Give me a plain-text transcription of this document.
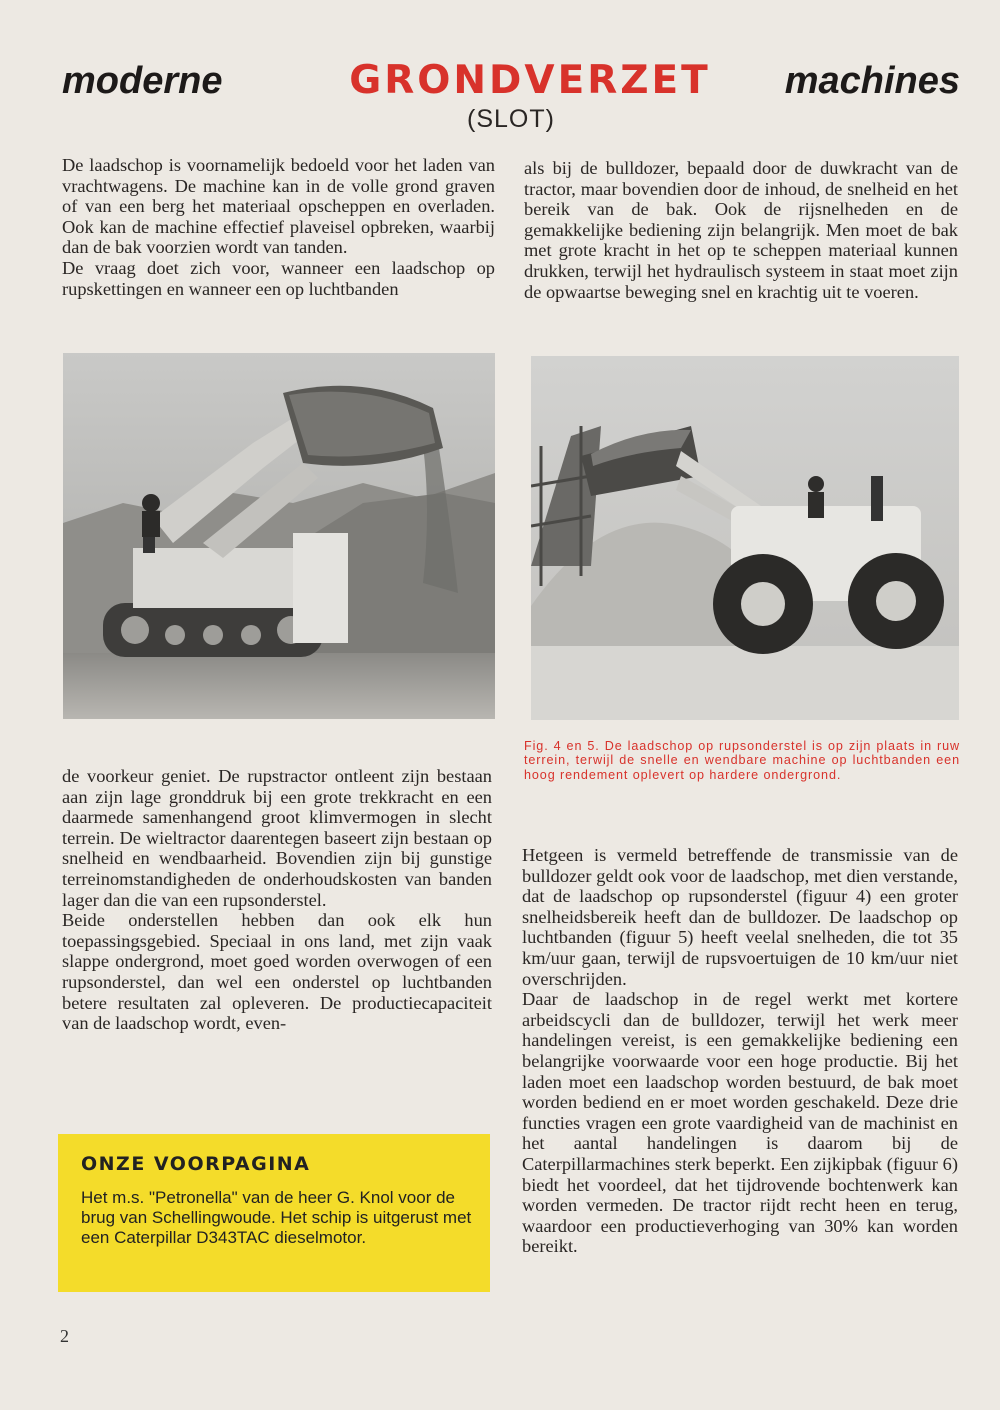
moderne	GRONDVERZET	machines
(SLOT)

De laadschop is voornamelijk bedoeld voor het laden van vrachtwagens. De machine kan in de volle grond graven of van een berg het materiaal opscheppen en overladen. Ook kan de machine effectief plaveisel opbreken, waarbij dan de bak voorzien wordt van tanden.

De vraag doet zich voor, wanneer een laadschop op rupskettingen en wanneer een op luchtbanden

als bij de bulldozer, bepaald door de duwkracht van de tractor, maar bovendien door de inhoud, de snelheid en het bereik van de bak. Ook de rijsnelheden en de gemakkelijke bediening zijn belangrijk. Men moet de bak met grote kracht in het op te scheppen materiaal kunnen drukken, terwijl het hydraulisch systeem in staat moet zijn de opwaartse beweging snel en krachtig uit te voeren.

Fig. 4 en 5. De laadschop op rupsonderstel is op zijn plaats in ruw terrein, terwijl de snelle en wendbare machine op luchtbanden een hoog rendement oplevert op hardere ondergrond.

de voorkeur geniet. De rupstractor ontleent zijn bestaan aan zijn lage gronddruk bij een grote trekkracht en een daarmede samenhangend groot klimvermogen in slecht terrein. De wieltractor daarentegen baseert zijn bestaan op snelheid en wendbaarheid. Bovendien zijn bij gunstige terreinomstandigheden de onderhoudskosten van banden lager dan die van een rupsonderstel.

Beide onderstellen hebben dan ook elk hun toepassingsgebied. Speciaal in ons land, met zijn vaak slappe ondergrond, moet goed worden overwogen of een rupsonderstel, dan wel een onderstel op luchtbanden betere resultaten zal opleveren. De productiecapaciteit van de laadschop wordt, even-

Hetgeen is vermeld betreffende de transmissie van de bulldozer geldt ook voor de laadschop, met dien verstande, dat de laadschop op rupsonderstel (figuur 4) een groter snelheidsbereik heeft dan de bulldozer. De laadschop op luchtbanden (figuur 5) heeft veelal snelheden, die tot 35 km/uur gaan, terwijl de rupsvoertuigen de 10 km/uur niet overschrijden.

Daar de laadschop in de regel werkt met kortere arbeidscycli dan de bulldozer, terwijl het werk meer handelingen vereist, is een gemakkelijke bediening een belangrijke voorwaarde voor een hoge productie. Bij het laden moet een laadschop worden bestuurd, de bak moet worden bediend en er moet worden geschakeld. Deze drie functies vragen een grote vaardigheid van de machinist en het aantal handelingen is daarom bij de Caterpillarmachines sterk beperkt. Een zijkipbak (figuur 6) biedt het voordeel, dat het tijdrovende bochtenwerk kan worden vermeden. De tractor rijdt recht heen en terug, waardoor een productieverhoging van 30% kan worden bereikt.

ONZE VOORPAGINA
Het m.s. "Petronella" van de heer G. Knol voor de brug van Schellingwoude. Het schip is uitgerust met een Caterpillar D343TAC dieselmotor.
2
